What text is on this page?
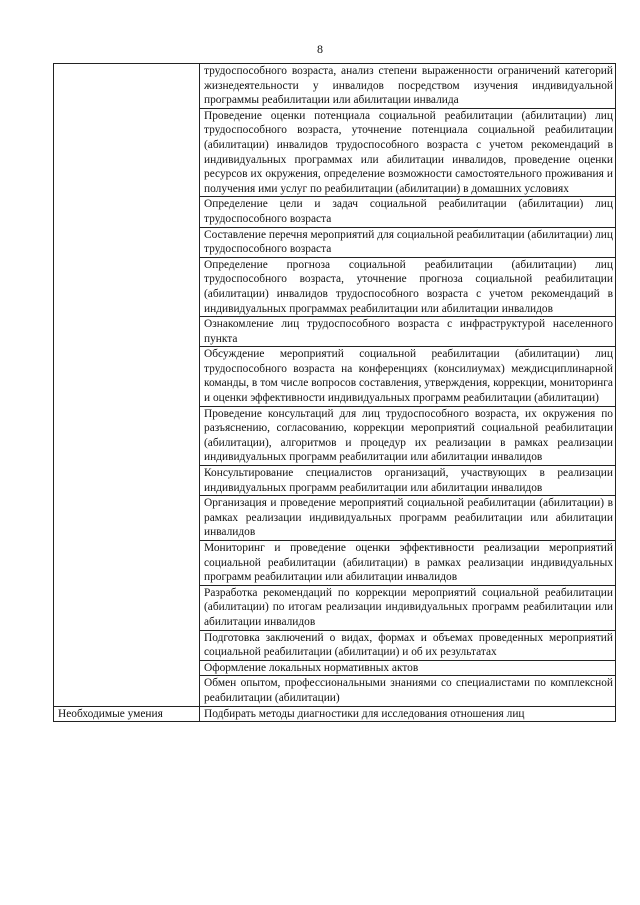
8

	трудоспособного возраста, анализ степени выраженности ограничений категорий жизнедеятельности у инвалидов посредством изучения индивидуальной программы реабилитации или абилитации инвалида

	Проведение оценки потенциала социальной реабилитации (абилитации) лиц трудоспособного возраста, уточнение потенциала социальной реабилитации (абилитации) инвалидов трудоспособного возраста с учетом рекомендаций в индивидуальных программах или абилитации инвалидов, проведение оценки ресурсов их окружения, определение возможности самостоятельного проживания и получения ими услуг по реабилитации (абилитации) в домашних условиях

	Определение цели и задач социальной реабилитации (абилитации) лиц трудоспособного возраста

	Составление перечня мероприятий для социальной реабилитации (абилитации) лиц трудоспособного возраста

	Определение прогноза социальной реабилитации (абилитации) лиц трудоспособного возраста, уточнение прогноза социальной реабилитации (абилитации) инвалидов трудоспособного возраста с учетом рекомендаций в индивидуальных программах реабилитации или абилитации инвалидов

	Ознакомление лиц трудоспособного возраста с инфраструктурой населенного пункта

	Обсуждение мероприятий социальной реабилитации (абилитации) лиц трудоспособного возраста на конференциях (консилиумах) междисциплинарной команды, в том числе вопросов составления, утверждения, коррекции, мониторинга и оценки эффективности индивидуальных программ реабилитации (абилитации)

	Проведение консультаций для лиц трудоспособного возраста, их окружения по разъяснению, согласованию, коррекции мероприятий социальной реабилитации (абилитации), алгоритмов и процедур их реализации в рамках реализации индивидуальных программ реабилитации или абилитации инвалидов

	Консультирование специалистов организаций, участвующих в реализации индивидуальных программ реабилитации или абилитации инвалидов

	Организация и проведение мероприятий социальной реабилитации (абилитации) в рамках реализации индивидуальных программ реабилитации или абилитации инвалидов

	Мониторинг и проведение оценки эффективности реализации мероприятий социальной реабилитации (абилитации) в рамках реализации индивидуальных программ реабилитации или абилитации инвалидов

	Разработка рекомендаций по коррекции мероприятий социальной реабилитации (абилитации) по итогам реализации индивидуальных программ реабилитации или абилитации инвалидов

	Подготовка заключений о видах, формах и объемах проведенных мероприятий социальной реабилитации (абилитации) и об их результатах

	Оформление локальных нормативных актов

	Обмен опытом, профессиональными знаниями со специалистами по комплексной реабилитации (абилитации)

Необходимые умения	Подбирать методы диагностики для исследования отношения лиц
